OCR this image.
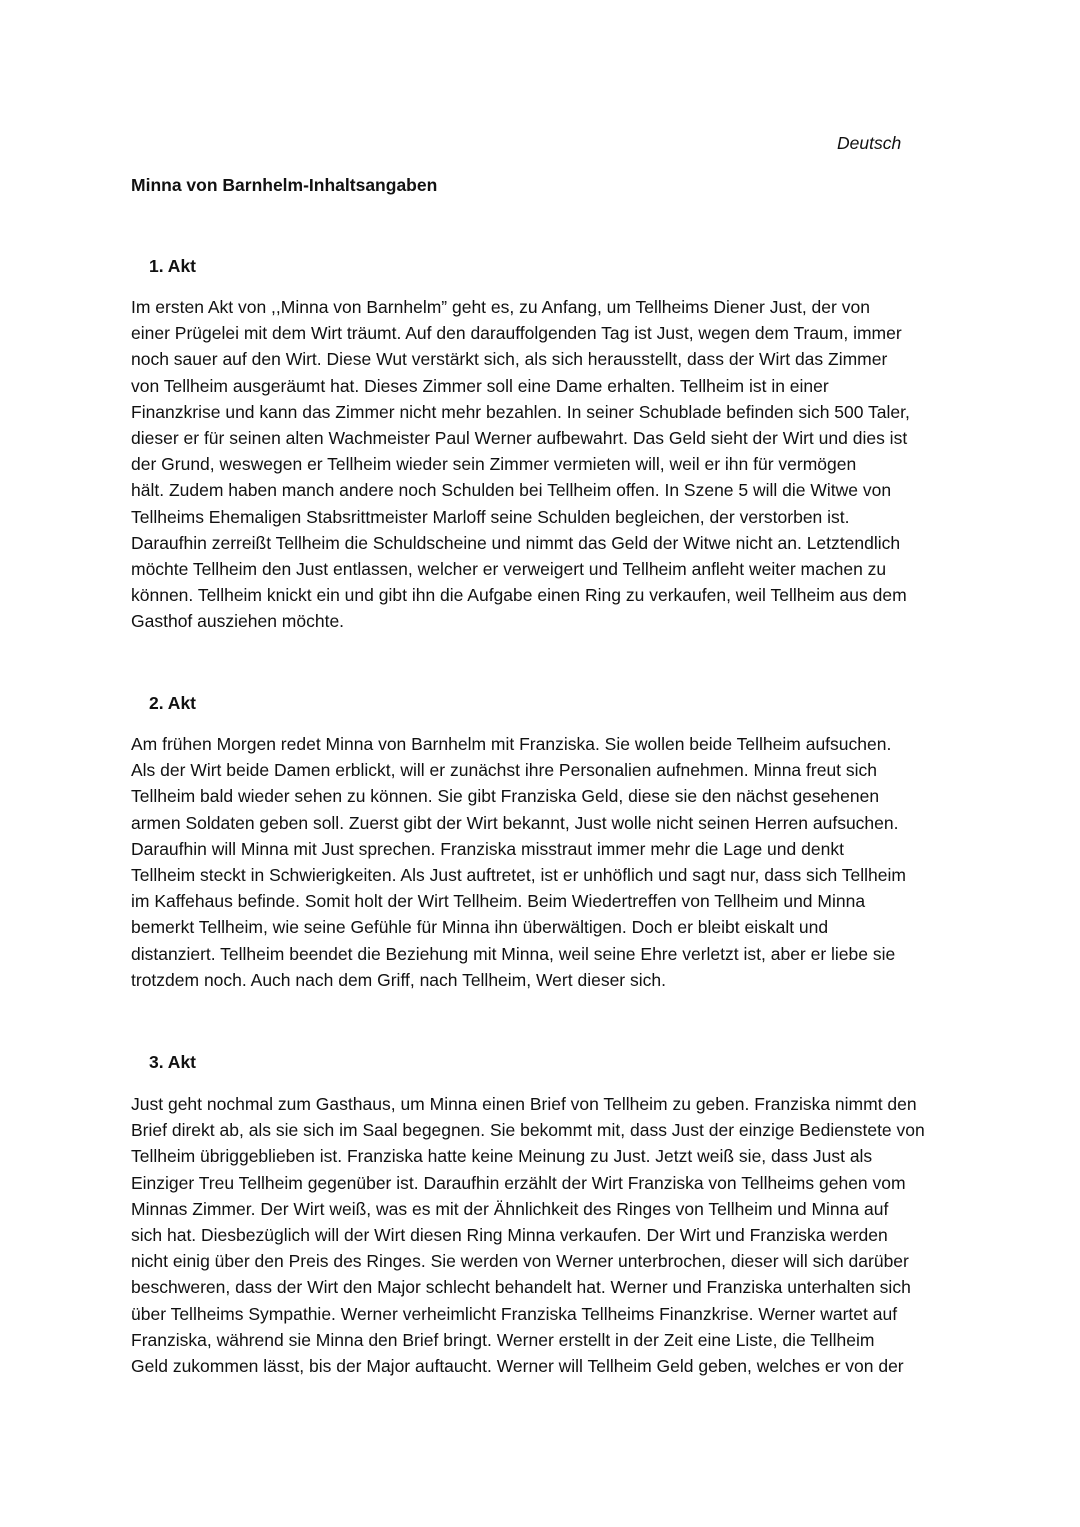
Deutsch
Minna von Barnhelm-Inhaltsangaben
1. Akt
Im ersten Akt von ,,Minna von Barnhelm” geht es, zu Anfang, um Tellheims Diener Just, der von
einer Prügelei mit dem Wirt träumt. Auf den darauffolgenden Tag ist Just, wegen dem Traum, immer
noch sauer auf den Wirt. Diese Wut verstärkt sich, als sich herausstellt, dass der Wirt das Zimmer
von Tellheim ausgeräumt hat. Dieses Zimmer soll eine Dame erhalten. Tellheim ist in einer
Finanzkrise und kann das Zimmer nicht mehr bezahlen. In seiner Schublade befinden sich 500 Taler,
dieser er für seinen alten Wachmeister Paul Werner aufbewahrt. Das Geld sieht der Wirt und dies ist
der Grund, weswegen er Tellheim wieder sein Zimmer vermieten will, weil er ihn für vermögen
hält. Zudem haben manch andere noch Schulden bei Tellheim offen. In Szene 5 will die Witwe von
Tellheims Ehemaligen Stabsrittmeister Marloff seine Schulden begleichen, der verstorben ist.
Daraufhin zerreißt Tellheim die Schuldscheine und nimmt das Geld der Witwe nicht an. Letztendlich
möchte Tellheim den Just entlassen, welcher er verweigert und Tellheim anfleht weiter machen zu
können. Tellheim knickt ein und gibt ihn die Aufgabe einen Ring zu verkaufen, weil Tellheim aus dem
Gasthof ausziehen möchte.
2. Akt
Am frühen Morgen redet Minna von Barnhelm mit Franziska. Sie wollen beide Tellheim aufsuchen.
Als der Wirt beide Damen erblickt, will er zunächst ihre Personalien aufnehmen. Minna freut sich
Tellheim bald wieder sehen zu können. Sie gibt Franziska Geld, diese sie den nächst gesehenen
armen Soldaten geben soll. Zuerst gibt der Wirt bekannt, Just wolle nicht seinen Herren aufsuchen.
Daraufhin will Minna mit Just sprechen. Franziska misstraut immer mehr die Lage und denkt
Tellheim steckt in Schwierigkeiten. Als Just auftretet, ist er unhöflich und sagt nur, dass sich Tellheim
im Kaffehaus befinde. Somit holt der Wirt Tellheim. Beim Wiedertreffen von Tellheim und Minna
bemerkt Tellheim, wie seine Gefühle für Minna ihn überwältigen. Doch er bleibt eiskalt und
distanziert. Tellheim beendet die Beziehung mit Minna, weil seine Ehre verletzt ist, aber er liebe sie
trotzdem noch. Auch nach dem Griff, nach Tellheim, Wert dieser sich.
3. Akt
Just geht nochmal zum Gasthaus, um Minna einen Brief von Tellheim zu geben. Franziska nimmt den
Brief direkt ab, als sie sich im Saal begegnen. Sie bekommt mit, dass Just der einzige Bedienstete von
Tellheim übriggeblieben ist. Franziska hatte keine Meinung zu Just. Jetzt weiß sie, dass Just als
Einziger Treu Tellheim gegenüber ist. Daraufhin erzählt der Wirt Franziska von Tellheims gehen vom
Minnas Zimmer. Der Wirt weiß, was es mit der Ähnlichkeit des Ringes von Tellheim und Minna auf
sich hat. Diesbezüglich will der Wirt diesen Ring Minna verkaufen. Der Wirt und Franziska werden
nicht einig über den Preis des Ringes. Sie werden von Werner unterbrochen, dieser will sich darüber
beschweren, dass der Wirt den Major schlecht behandelt hat. Werner und Franziska unterhalten sich
über Tellheims Sympathie. Werner verheimlicht Franziska Tellheims Finanzkrise. Werner wartet auf
Franziska, während sie Minna den Brief bringt. Werner erstellt in der Zeit eine Liste, die Tellheim
Geld zukommen lässt, bis der Major auftaucht. Werner will Tellheim Geld geben, welches er von der
